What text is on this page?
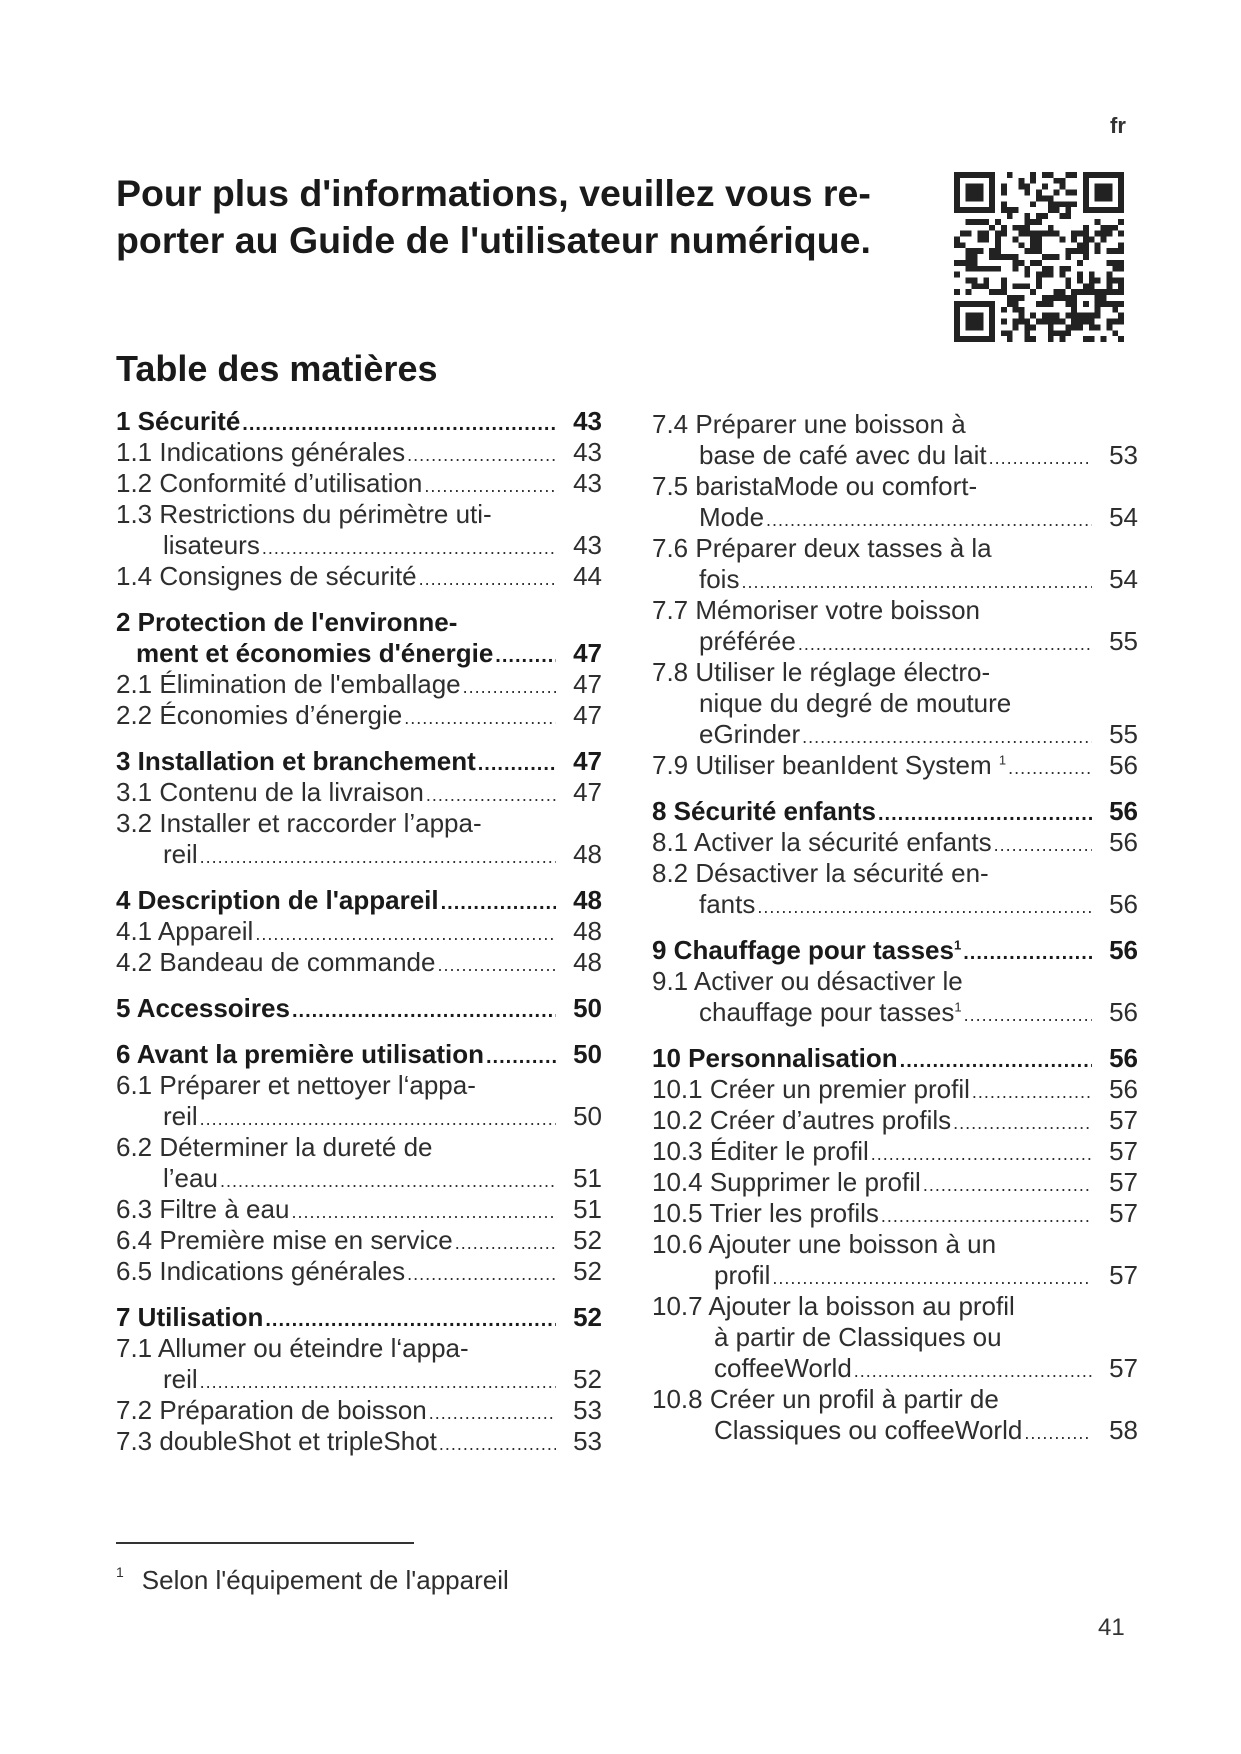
fr
Pour plus d'informations, veuillez vous re-
porter au Guide de l'utilisateur numérique.
Table des matières
1 Sécurité .....	43
1.1 Indications générales .....	43
1.2 Conformité d’utilisation .....	43
1.3 Restrictions du périmètre uti-
lisateurs .....	43
1.4 Consignes de sécurité .....	44
2 Protection de l'environne-
ment et économies d'énergie .....	47
2.1 Élimination de l'emballage .....	47
2.2 Économies d’énergie .....	47
3 Installation et branchement .....	47
3.1 Contenu de la livraison .....	47
3.2 Installer et raccorder l’appa-
reil .....	48
4 Description de l'appareil .....	48
4.1 Appareil .....	48
4.2 Bandeau de commande .....	48
5 Accessoires .....	50
6 Avant la première utilisation .....	50
6.1 Préparer et nettoyer l‘appa-
reil .....	50
6.2 Déterminer la dureté de
l’eau .....	51
6.3 Filtre à eau .....	51
6.4 Première mise en service .....	52
6.5 Indications générales .....	52
7 Utilisation .....	52
7.1 Allumer ou éteindre l‘appa-
reil .....	52
7.2 Préparation de boisson .....	53
7.3 doubleShot et tripleShot .....	53
7.4 Préparer une boisson à
base de café avec du lait .....	53
7.5 baristaMode ou comfort-
Mode .....	54
7.6 Préparer deux tasses à la
fois .....	54
7.7 Mémoriser votre boisson
préférée .....	55
7.8 Utiliser le réglage électro-
nique du degré de mouture
eGrinder .....	55
7.9 Utiliser beanIdent System $^1$ .....	56
8 Sécurité enfants .....	56
8.1 Activer la sécurité enfants .....	56
8.2 Désactiver la sécurité en-
fants .....	56
9 Chauffage pour tasses$^1$ .....	56
9.1 Activer ou désactiver le
chauffage pour tasses$^1$ .....	56
10 Personnalisation .....	56
10.1 Créer un premier profil .....	56
10.2 Créer d’autres profils .....	57
10.3 Éditer le profil .....	57
10.4 Supprimer le profil .....	57
10.5 Trier les profils .....	57
10.6 Ajouter une boisson à un
profil .....	57
10.7 Ajouter la boisson au profil
à partir de Classiques ou
coffeeWorld .....	57
10.8 Créer un profil à partir de
Classiques ou coffeeWorld .....	58
$^1$ Selon l'équipement de l'appareil
41
